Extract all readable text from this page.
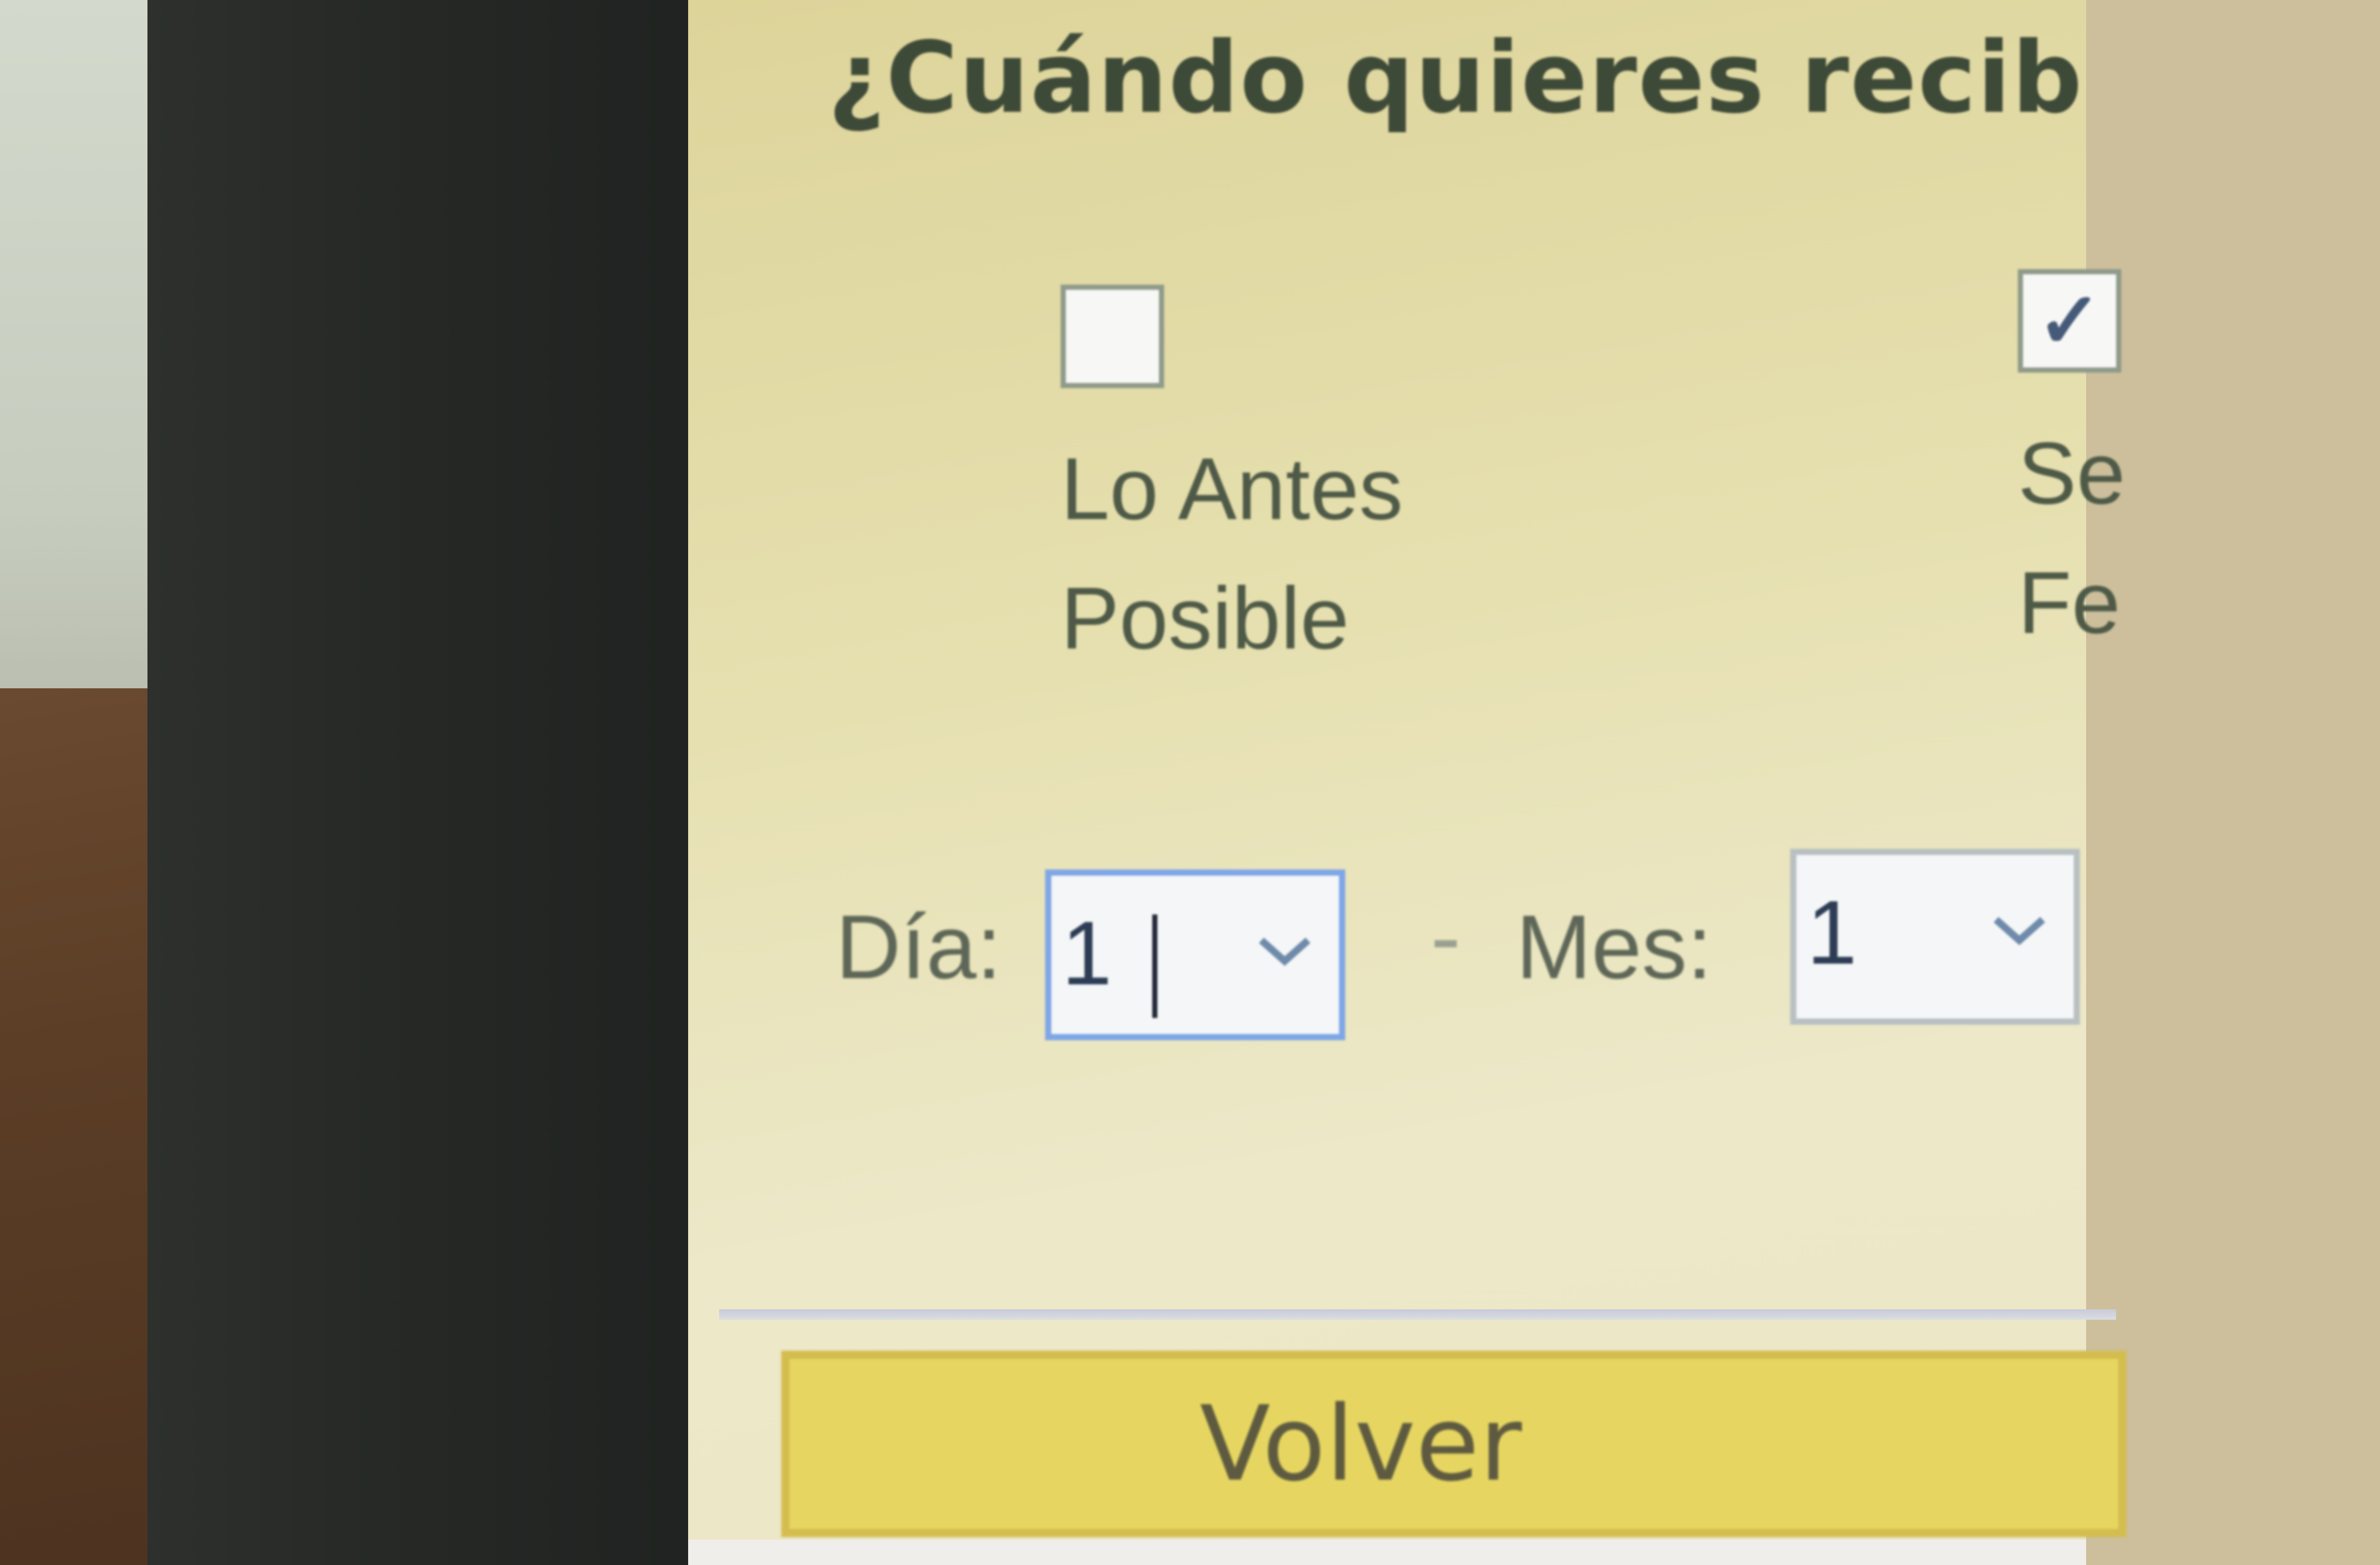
¿Cuándo quieres recib
Lo Antes
Posible
✓
Se
Fe
Día:
1	- Mes:
1
Volver
